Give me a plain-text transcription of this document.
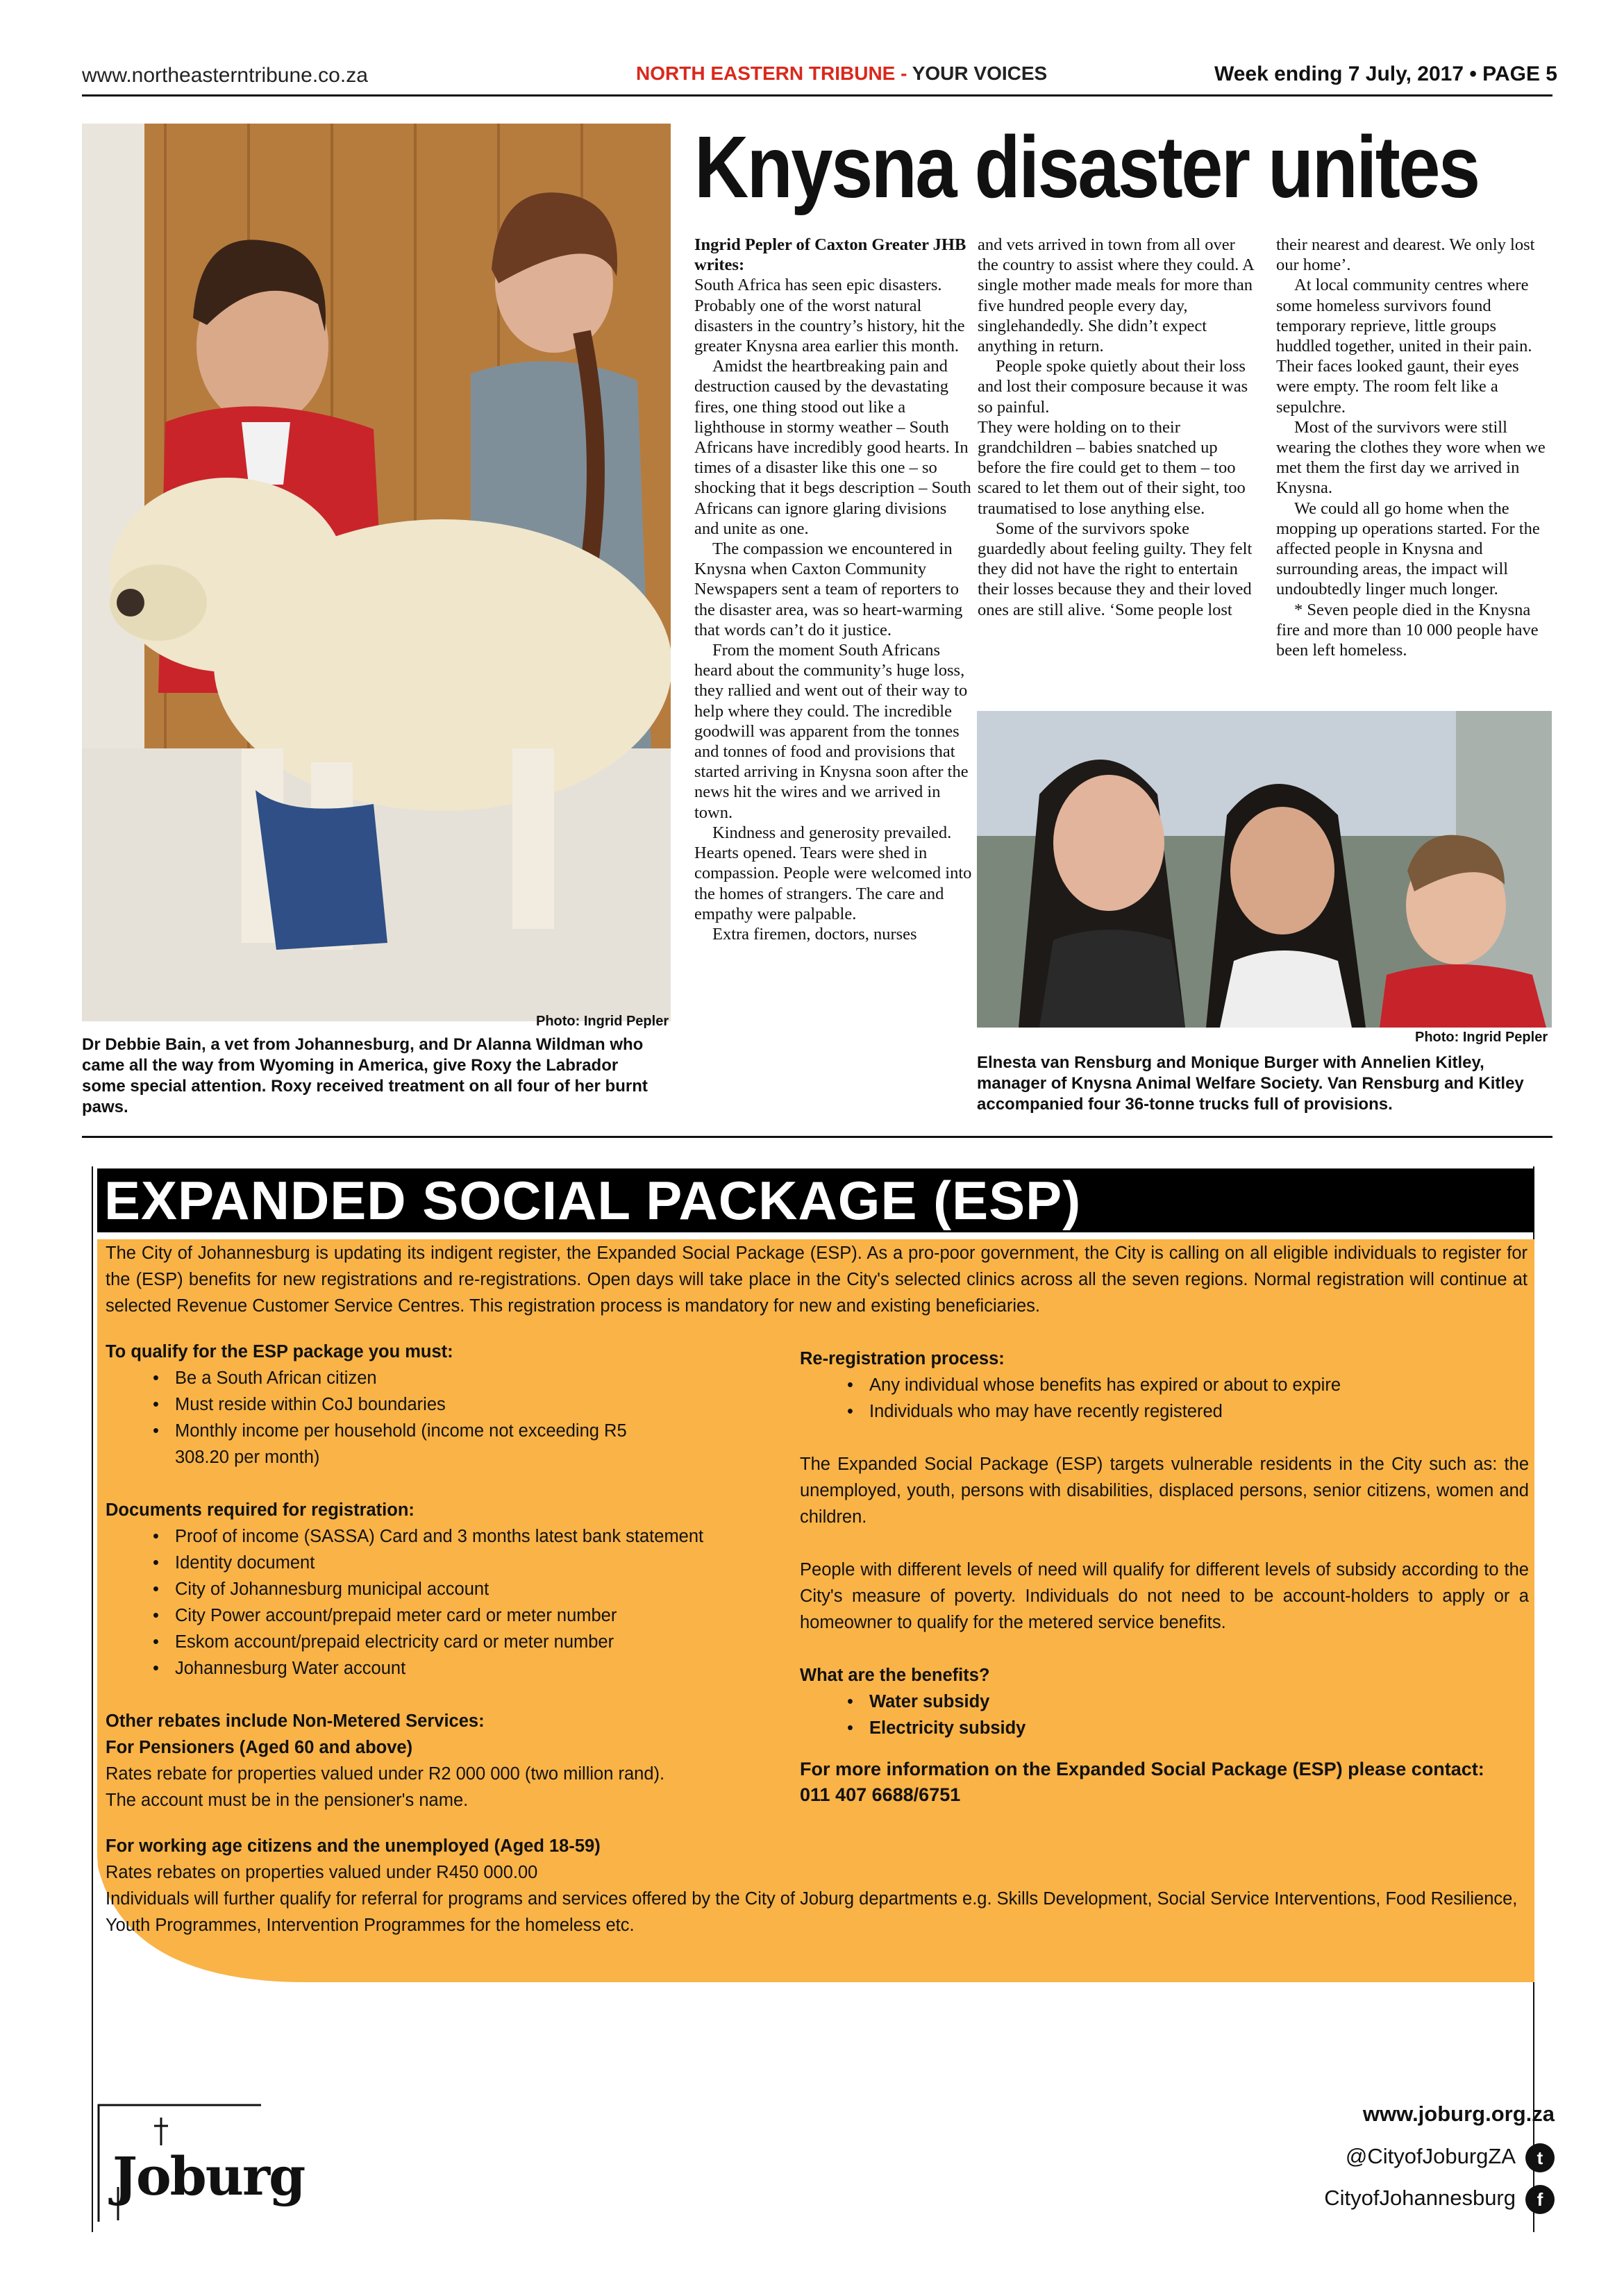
www.northeasterntribune.co.za	NORTH EASTERN TRIBUNE - YOUR VOICES	Week ending 7 July, 2017 • PAGE 5
Knysna disaster unites
Photo: Ingrid Pepler
Dr Debbie Bain, a vet from Johannesburg, and Dr Alanna Wildman who came all the way from Wyoming in America, give Roxy the Labrador some special attention. Roxy received treatment on all four of her burnt paws.

Ingrid Pepler of Caxton Greater JHB writes:

South Africa has seen epic disasters. Probably one of the worst natural disasters in the country’s history, hit the greater Knysna area earlier this month.

Amidst the heartbreaking pain and destruction caused by the devastating fires, one thing stood out like a lighthouse in stormy weather – South Africans have incredibly good hearts. In times of a disaster like this one – so shocking that it begs description – South Africans can ignore glaring divisions and unite as one.

The compassion we encountered in Knysna when Caxton Community Newspapers sent a team of reporters to the disaster area, was so heart-warming that words can’t do it justice.

From the moment South Africans heard about the community’s huge loss, they rallied and went out of their way to help where they could. The incredible goodwill was apparent from the tonnes and tonnes of food and provisions that started arriving in Knysna soon after the news hit the wires and we arrived in town.

Kindness and generosity prevailed. Hearts opened. Tears were shed in compassion. People were welcomed into the homes of strangers. The care and empathy were palpable.

Extra firemen, doctors, nurses

and vets arrived in town from all over the country to assist where they could. A single mother made meals for more than five hundred people every day, singlehandedly. She didn’t expect anything in return.

People spoke quietly about their loss and lost their composure because it was so painful.

They were holding on to their grandchildren – babies snatched up before the fire could get to them – too scared to let them out of their sight, too traumatised to lose anything else.

Some of the survivors spoke guardedly about feeling guilty. They felt they did not have the right to entertain their losses because they and their loved ones are still alive. ‘Some people lost

their nearest and dearest. We only lost our home’.

At local community centres where some homeless survivors found temporary reprieve, little groups huddled together, united in their pain.

Their faces looked gaunt, their eyes were empty. The room felt like a sepulchre.

Most of the survivors were still wearing the clothes they wore when we met them the first day we arrived in Knysna.

We could all go home when the mopping up operations started. For the affected people in Knysna and surrounding areas, the impact will undoubtedly linger much longer.

* Seven people died in the Knysna fire and more than 10 000 people have been left homeless.

Photo: Ingrid Pepler
Elnesta van Rensburg and Monique Burger with Annelien Kitley, manager of Knysna Animal Welfare Society. Van Rensburg and Kitley accompanied four 36-tonne trucks full of provisions.
EXPANDED SOCIAL PACKAGE (ESP)
The City of Johannesburg is updating its indigent register, the Expanded Social Package (ESP). As a pro-poor government, the City is calling on all eligible individuals to register for the (ESP) benefits for new registrations and re-registrations. Open days will take place in the City's selected clinics across all the seven regions. Normal registration will continue at selected Revenue Customer Service Centres. This registration process is mandatory for new and existing beneficiaries.
To qualify for the ESP package you must:
• Be a South African citizen
• Must reside within CoJ boundaries
• Monthly income per household (income not exceeding R5 308.20 per month)
Documents required for registration:
• Proof of income (SASSA) Card and 3 months latest bank statement
• Identity document
• City of Johannesburg municipal account
• City Power account/prepaid meter card or meter number
• Eskom account/prepaid electricity card or meter number
• Johannesburg Water account
Other rebates include Non-Metered Services:
For Pensioners (Aged 60 and above)
Rates rebate for properties valued under R2 000 000 (two million rand).
The account must be in the pensioner's name.
For working age citizens and the unemployed (Aged 18-59)
Rates rebates on properties valued under R450 000.00
Individuals will further qualify for referral for programs and services offered by the City of Joburg departments e.g. Skills Development, Social Service Interventions, Food Resilience, Youth Programmes, Intervention Programmes for the homeless etc.
Re-registration process:
• Any individual whose benefits has expired or about to expire
• Individuals who may have recently registered
The Expanded Social Package (ESP) targets vulnerable residents in the City such as: the unemployed, youth, persons with disabilities, displaced persons, senior citizens, women and children.
People with different levels of need will qualify for different levels of subsidy according to the City's measure of poverty. Individuals do not need to be account-holders to apply or a homeowner to qualify for the metered service benefits.
What are the benefits?
• Water subsidy
• Electricity subsidy
For more information on the Expanded Social Package (ESP) please contact:
011 407 6688/6751
Joburg
www.joburg.org.za
@CityofJoburgZA t
CityofJohannesburg f
